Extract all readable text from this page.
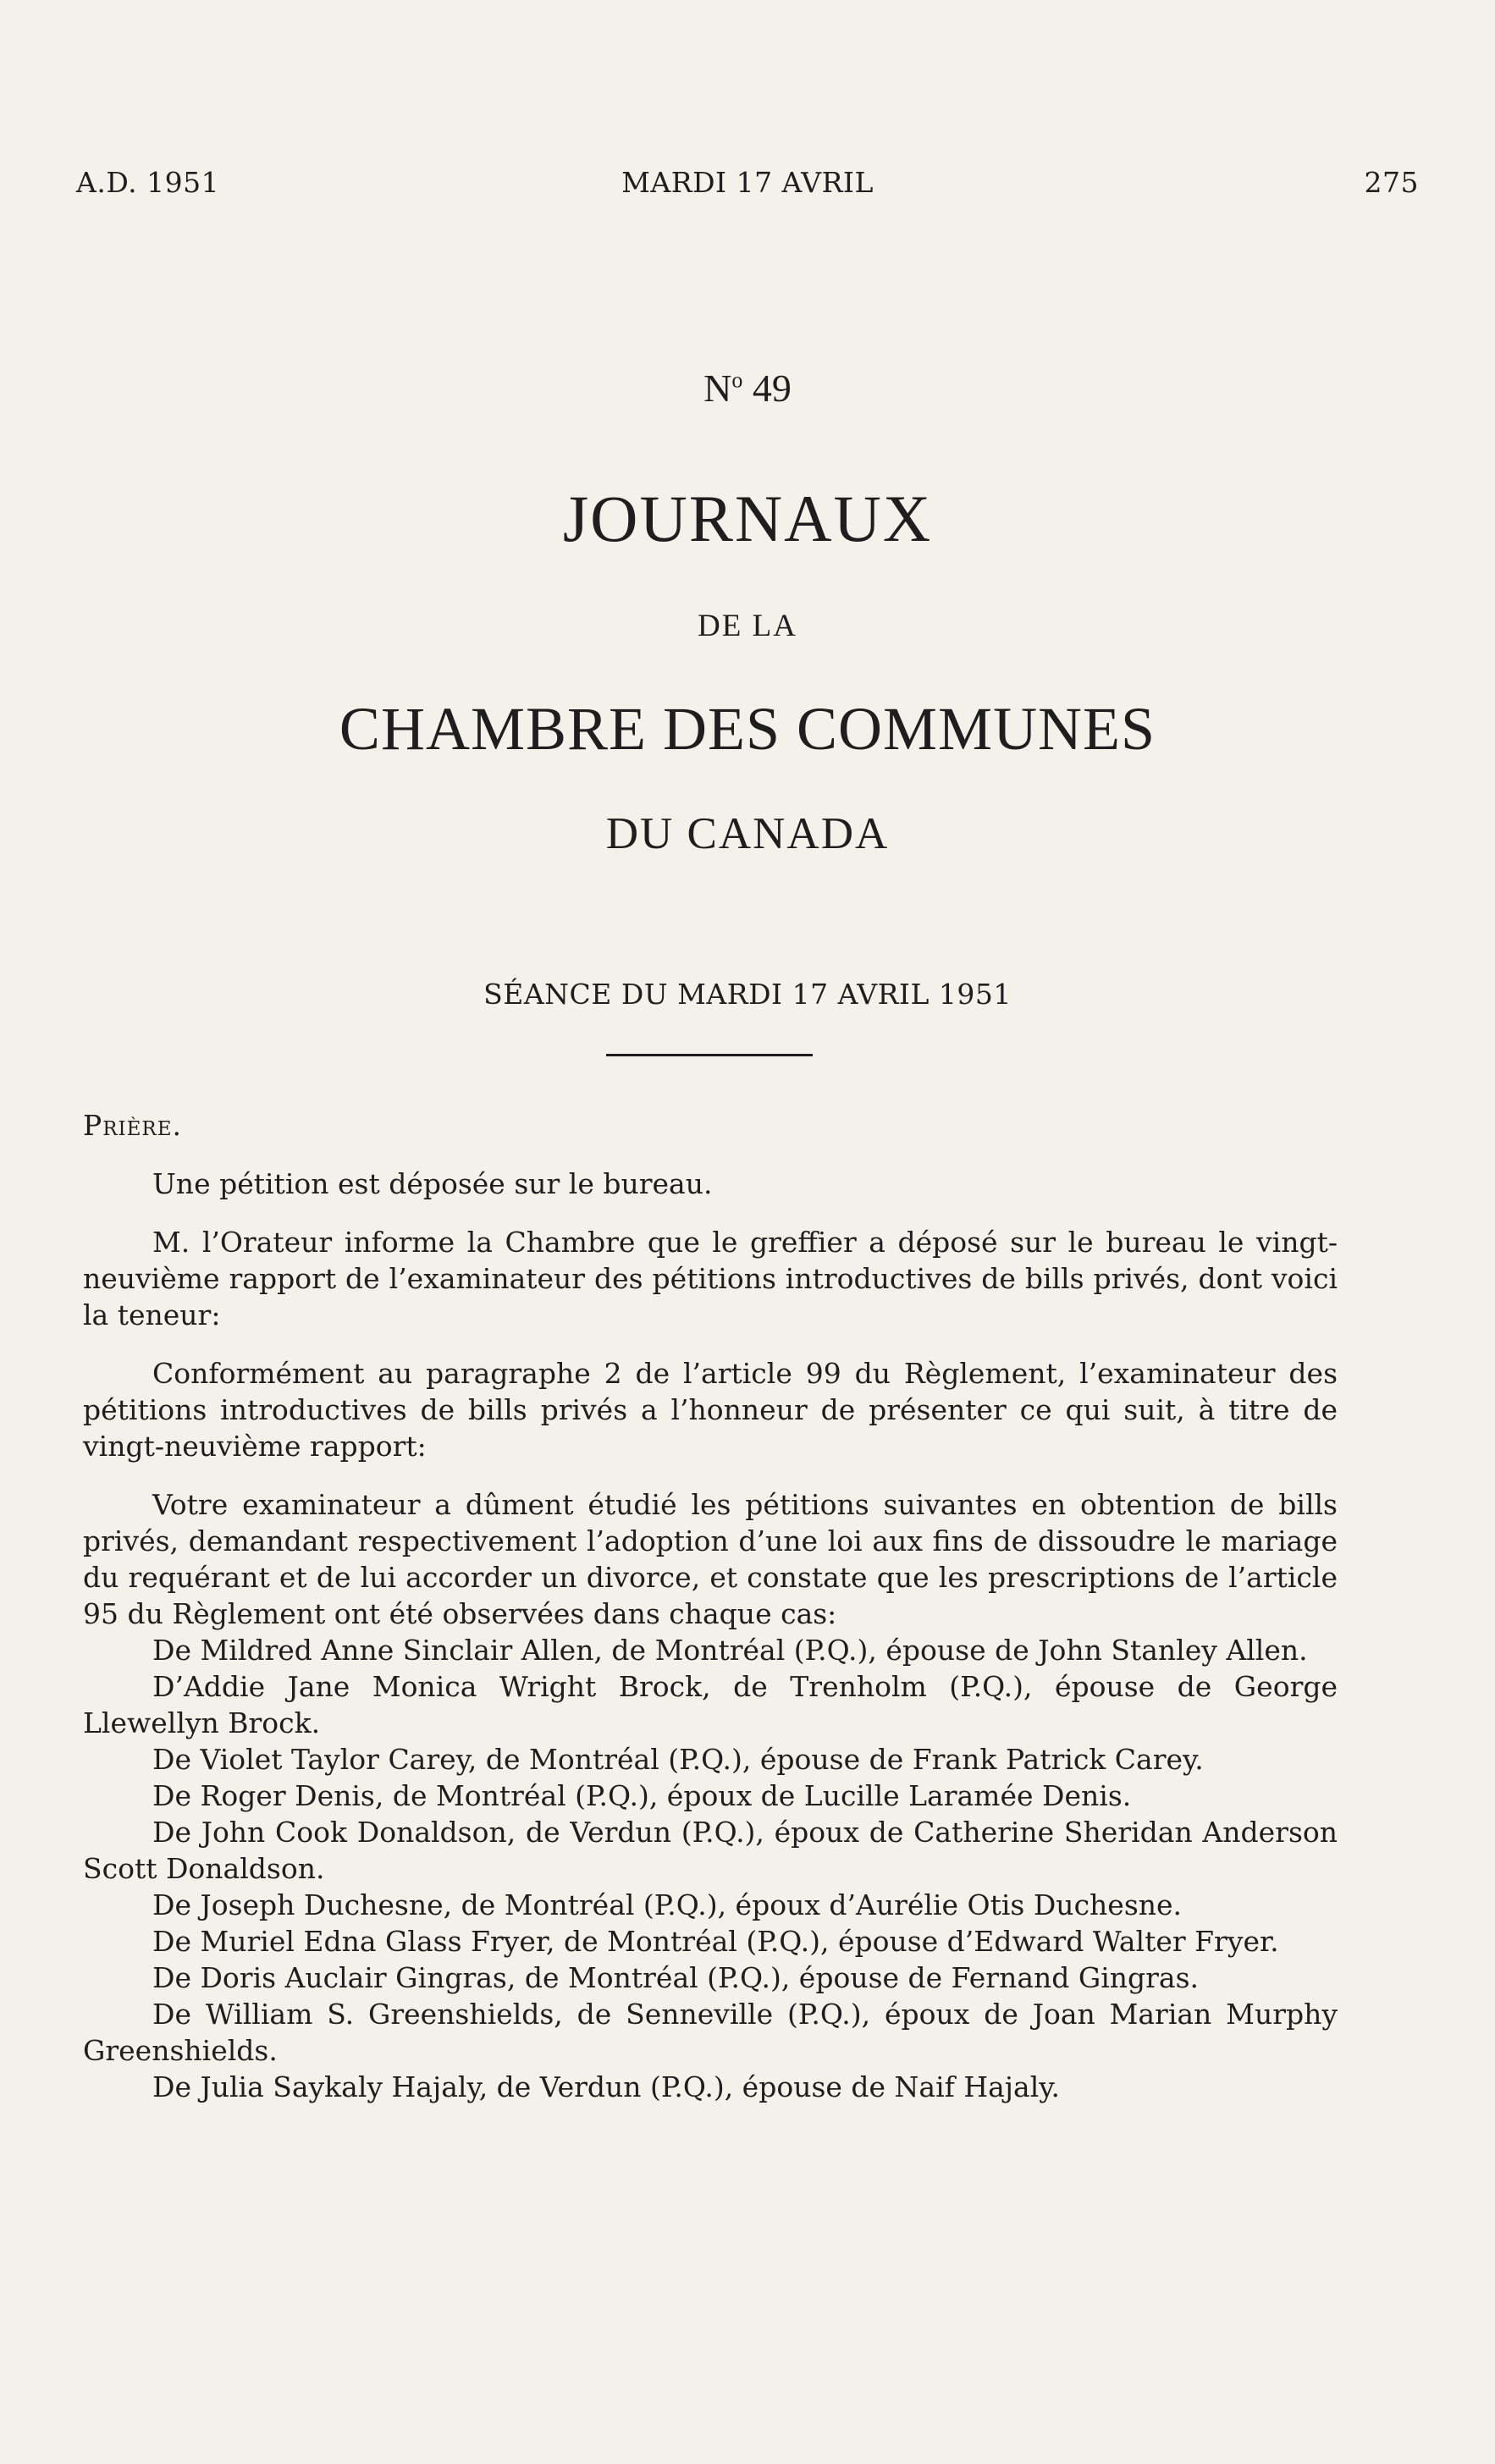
A.D. 1951	MARDI 17 AVRIL	275
$N^o$ 49
JOURNAUX
DE LA
CHAMBRE DES COMMUNES
DU CANADA
SÉANCE DU MARDI 17 AVRIL 1951

Prière.

Une pétition est déposée sur le bureau.

M. l’Orateur informe la Chambre que le greffier a déposé sur le bureau le vingt-neuvième rapport de l’examinateur des pétitions introductives de bills privés, dont voici la teneur:

Conformément au paragraphe 2 de l’article 99 du Règlement, l’examinateur des pétitions introductives de bills privés a l’honneur de présenter ce qui suit, à titre de vingt-neuvième rapport:

Votre examinateur a dûment étudié les pétitions suivantes en obtention de bills privés, demandant respectivement l’adoption d’une loi aux fins de dissoudre le mariage du requérant et de lui accorder un divorce, et constate que les prescriptions de l’article 95 du Règlement ont été observées dans chaque cas:

De Mildred Anne Sinclair Allen, de Montréal (P.Q.), épouse de John Stanley Allen.

D’Addie Jane Monica Wright Brock, de Trenholm (P.Q.), épouse de George Llewellyn Brock.

De Violet Taylor Carey, de Montréal (P.Q.), épouse de Frank Patrick Carey.

De Roger Denis, de Montréal (P.Q.), époux de Lucille Laramée Denis.

De John Cook Donaldson, de Verdun (P.Q.), époux de Catherine Sheridan Anderson Scott Donaldson.

De Joseph Duchesne, de Montréal (P.Q.), époux d’Aurélie Otis Duchesne.

De Muriel Edna Glass Fryer, de Montréal (P.Q.), épouse d’Edward Walter Fryer.

De Doris Auclair Gingras, de Montréal (P.Q.), épouse de Fernand Gingras.

De William S. Greenshields, de Senneville (P.Q.), époux de Joan Marian Murphy Greenshields.

De Julia Saykaly Hajaly, de Verdun (P.Q.), épouse de Naif Hajaly.
